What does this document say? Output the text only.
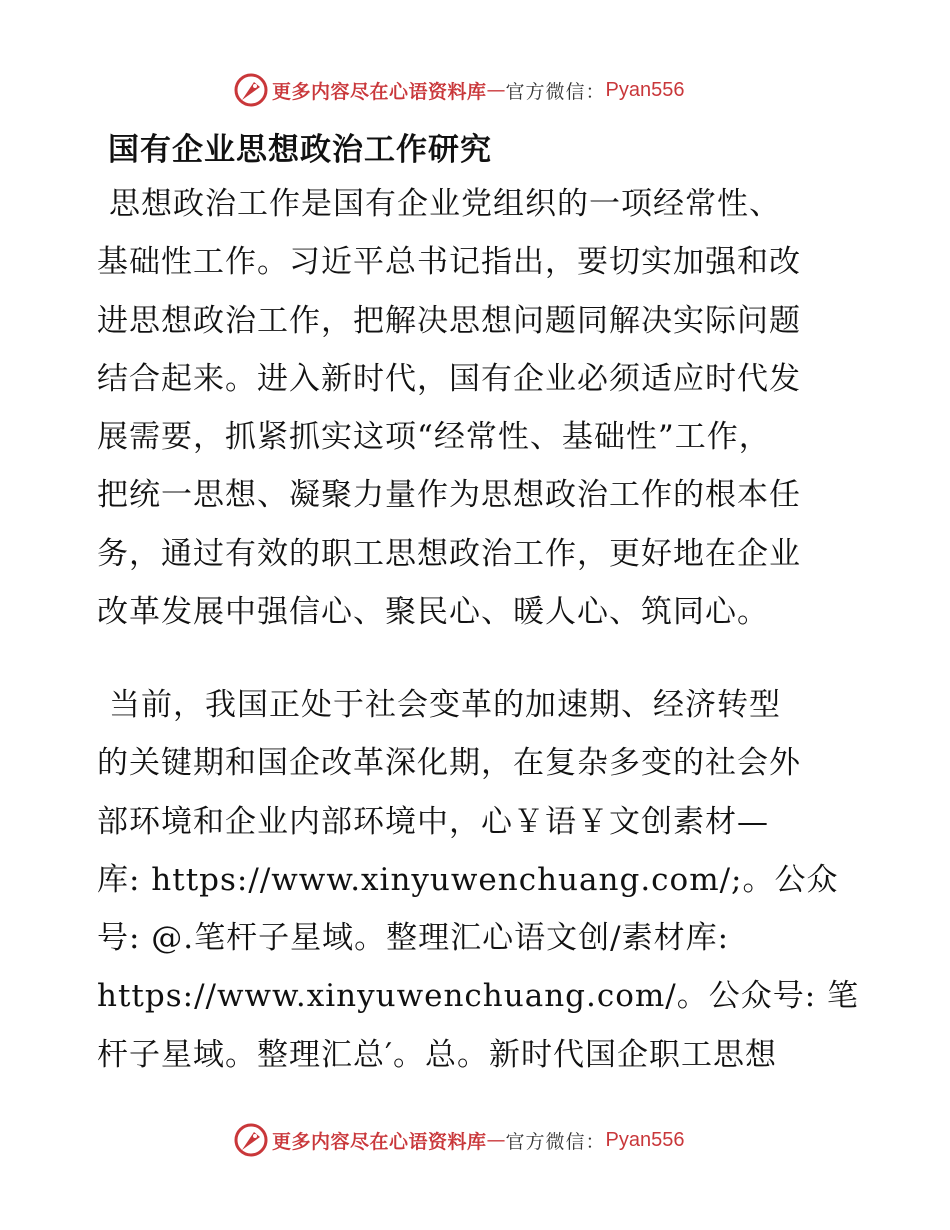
更多内容尽在心语资料库 — 官方微信： Pyan556
国有企业思想政治工作研究
思想政治工作是国有企业党组织的一项经常性、
基础性工作。习近平总书记指出，要切实加强和改
进思想政治工作，把解决思想问题同解决实际问题
结合起来。进入新时代，国有企业必须适应时代发
展需要，抓紧抓实这项“经常性、基础性”工作，
把统一思想、凝聚力量作为思想政治工作的根本任
务，通过有效的职工思想政治工作，更好地在企业
改革发展中强信心、聚民心、暖人心、筑同心。
当前，我国正处于社会变革的加速期、经济转型
的关键期和国企改革深化期，在复杂多变的社会外
部环境和企业内部环境中，心￥语￥文创素材—
库: https://www.xinyuwenchuang.com/;。公众
号: @.笔杆子星域。整理汇心语文创/素材库:
https://www.xinyuwenchuang.com/。公众号: 笔
杆子星域。整理汇总′。总。新时代国企职工思想
更多内容尽在心语资料库 — 官方微信： Pyan556
